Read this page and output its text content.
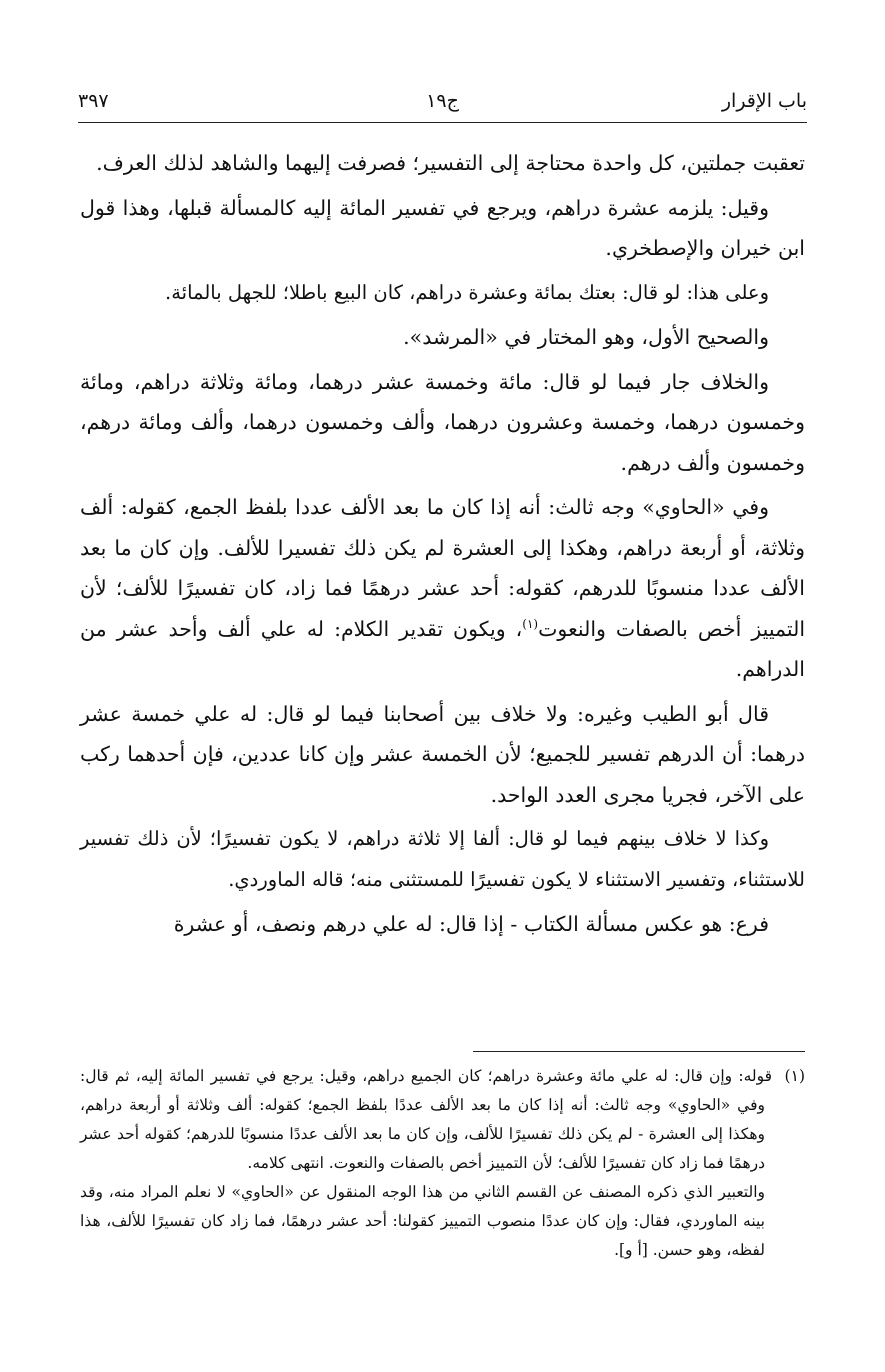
باب الإقرار
ج١٩
٣٩٧

تعقبت جملتين، كل واحدة محتاجة إلى التفسير؛ فصرفت إليهما والشاهد لذلك العرف.

وقيل: يلزمه عشرة دراهم، ويرجع في تفسير المائة إليه كالمسألة قبلها، وهذا قول ابن خيران والإصطخري.

وعلى هذا: لو قال: بعتك بمائة وعشرة دراهم، كان البيع باطلا؛ للجهل بالمائة.

والصحيح الأول، وهو المختار في «المرشد».

والخلاف جار فيما لو قال: مائة وخمسة عشر درهما، ومائة وثلاثة دراهم، ومائة وخمسون درهما، وخمسة وعشرون درهما، وألف وخمسون درهما، وألف ومائة درهم، وخمسون وألف درهم.

وفي «الحاوي» وجه ثالث: أنه إذا كان ما بعد الألف عددا بلفظ الجمع، كقوله: ألف وثلاثة، أو أربعة دراهم، وهكذا إلى العشرة لم يكن ذلك تفسيرا للألف. وإن كان ما بعد الألف عددا منسوبًا للدرهم، كقوله: أحد عشر درهمًا فما زاد، كان تفسيرًا للألف؛ لأن التمييز أخص بالصفات والنعوت$^{(١)}$، ويكون تقدير الكلام: له علي ألف وأحد عشر من الدراهم.

قال أبو الطيب وغيره: ولا خلاف بين أصحابنا فيما لو قال: له علي خمسة عشر درهما: أن الدرهم تفسير للجميع؛ لأن الخمسة عشر وإن كانا عددين، فإن أحدهما ركب على الآخر، فجريا مجرى العدد الواحد.

وكذا لا خلاف بينهم فيما لو قال: ألفا إلا ثلاثة دراهم، لا يكون تفسيرًا؛ لأن ذلك تفسير للاستثناء، وتفسير الاستثناء لا يكون تفسيرًا للمستثنى منه؛ قاله الماوردي.

فرع: هو عكس مسألة الكتاب - إذا قال: له علي درهم ونصف، أو عشرة

(١)  قوله: وإن قال: له علي مائة وعشرة دراهم؛ كان الجميع دراهم، وقيل: يرجع في تفسير المائة إليه، ثم قال: وفي «الحاوي» وجه ثالث: أنه إذا كان ما بعد الألف عددًا بلفظ الجمع؛ كقوله: ألف وثلاثة أو أربعة دراهم، وهكذا إلى العشرة - لم يكن ذلك تفسيرًا للألف، وإن كان ما بعد الألف عددًا منسوبًا للدرهم؛ كقوله أحد عشر درهمًا فما زاد كان تفسيرًا للألف؛ لأن التمييز أخص بالصفات والنعوت. انتهى كلامه.

والتعبير الذي ذكره المصنف عن القسم الثاني من هذا الوجه المنقول عن «الحاوي» لا نعلم المراد منه، وقد بينه الماوردي، فقال: وإن كان عددًا منصوب التمييز كقولنا: أحد عشر درهمًا، فما زاد كان تفسيرًا للألف، هذا لفظه، وهو حسن. [أ و].
